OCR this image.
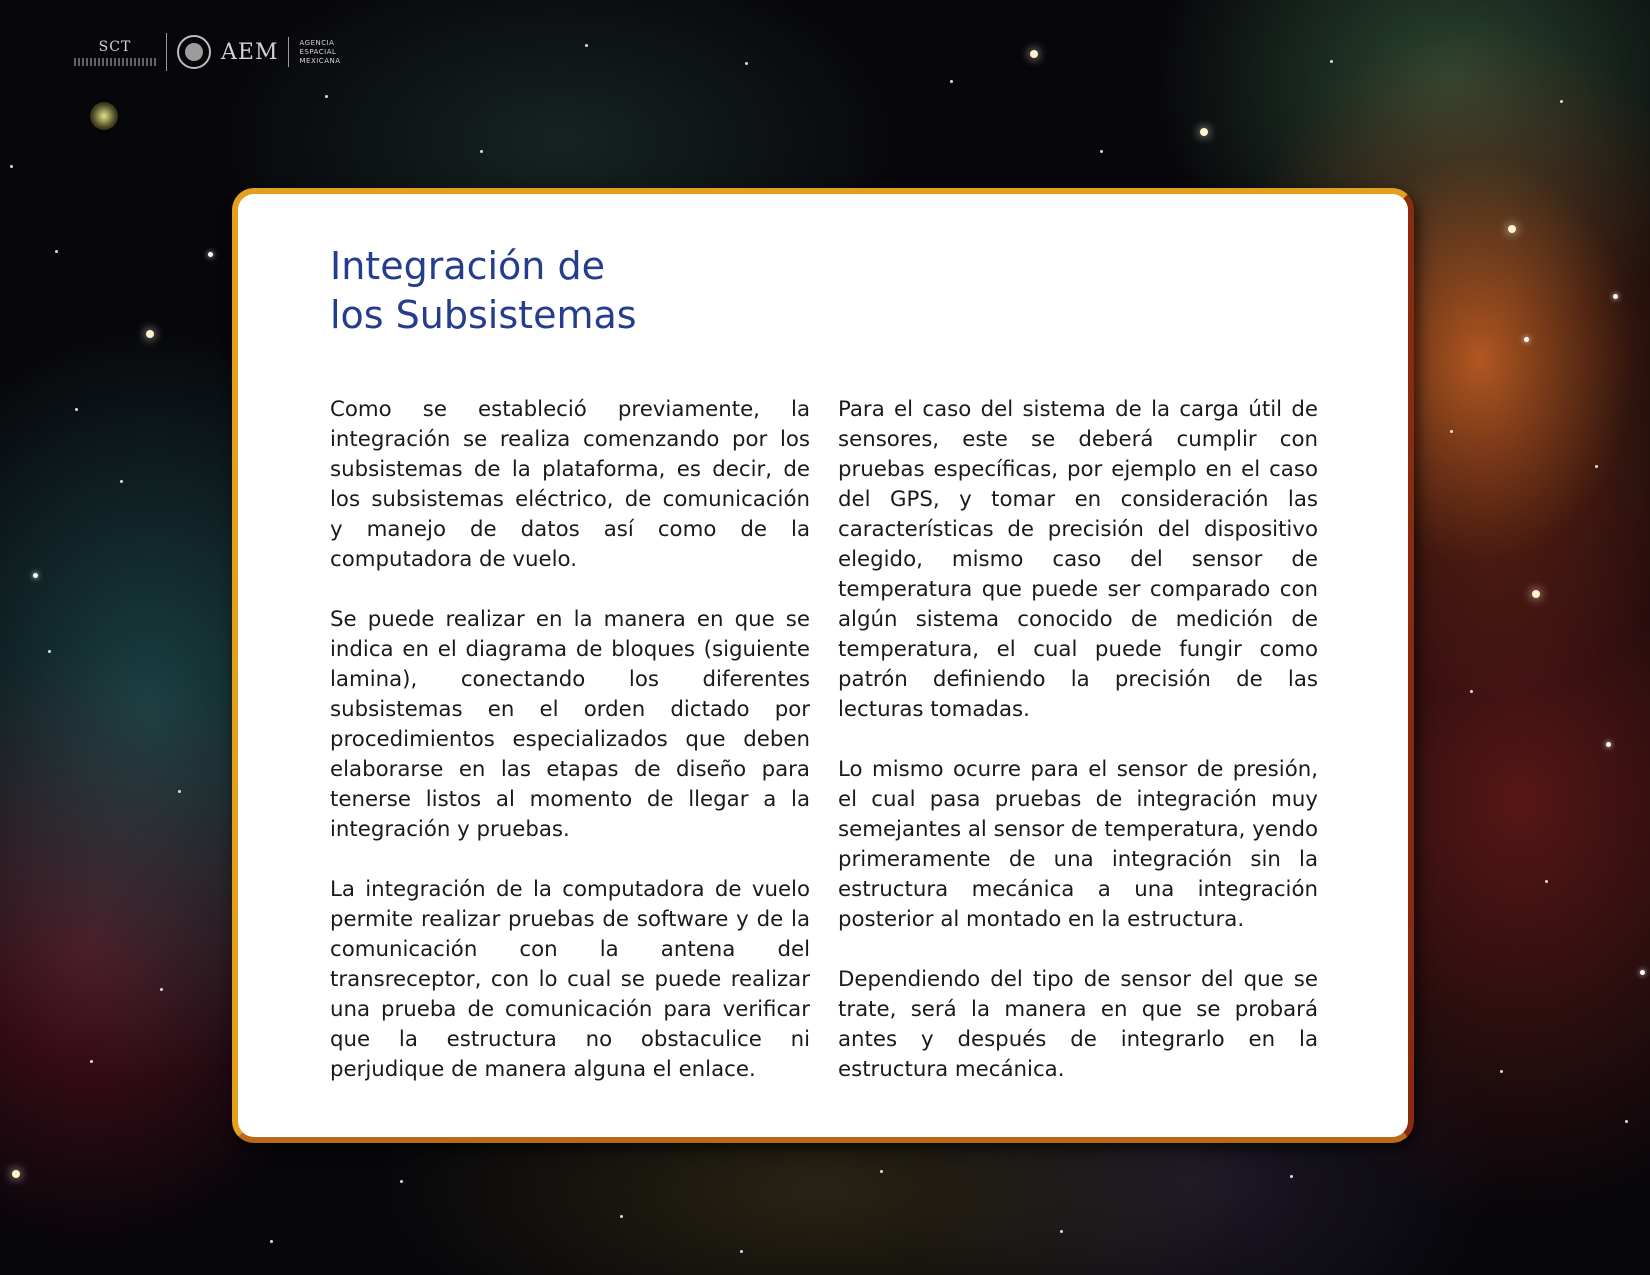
SCT	AEM	AGENCIA
ESPACIAL
MEXICANA
Integración de
los Subsistemas

Como se estableció previamente, la integración se realiza comenzando por los subsistemas de la plataforma, es decir, de los subsistemas eléctrico, de comunicación y manejo de datos así como de la computadora de vuelo.

Se puede realizar en la manera en que se indica en el diagrama de bloques (siguiente lamina), conectando los diferentes subsistemas en el orden dictado por procedimientos especializados que deben elaborarse en las etapas de diseño para tenerse listos al momento de llegar a la integración y pruebas.

La integración de la computadora de vuelo permite realizar pruebas de software y de la comunicación con la antena del transreceptor, con lo cual se puede realizar una prueba de comunicación para verificar que la estructura no obstaculice ni perjudique de manera alguna el enlace.

Para el caso del sistema de la carga útil de sensores, este se deberá cumplir con pruebas específicas, por ejemplo en el caso del GPS, y tomar en consideración las características de precisión del dispositivo elegido, mismo caso del sensor de temperatura que puede ser comparado con algún sistema conocido de medición de temperatura, el cual puede fungir como patrón definiendo la precisión de las lecturas tomadas.

Lo mismo ocurre para el sensor de presión, el cual pasa pruebas de integración muy semejantes al sensor de temperatura, yendo primeramente de una integración sin la estructura mecánica a una integración posterior al montado en la estructura.

Dependiendo del tipo de sensor del que se trate, será la manera en que se probará antes y después de integrarlo en la estructura mecánica.
